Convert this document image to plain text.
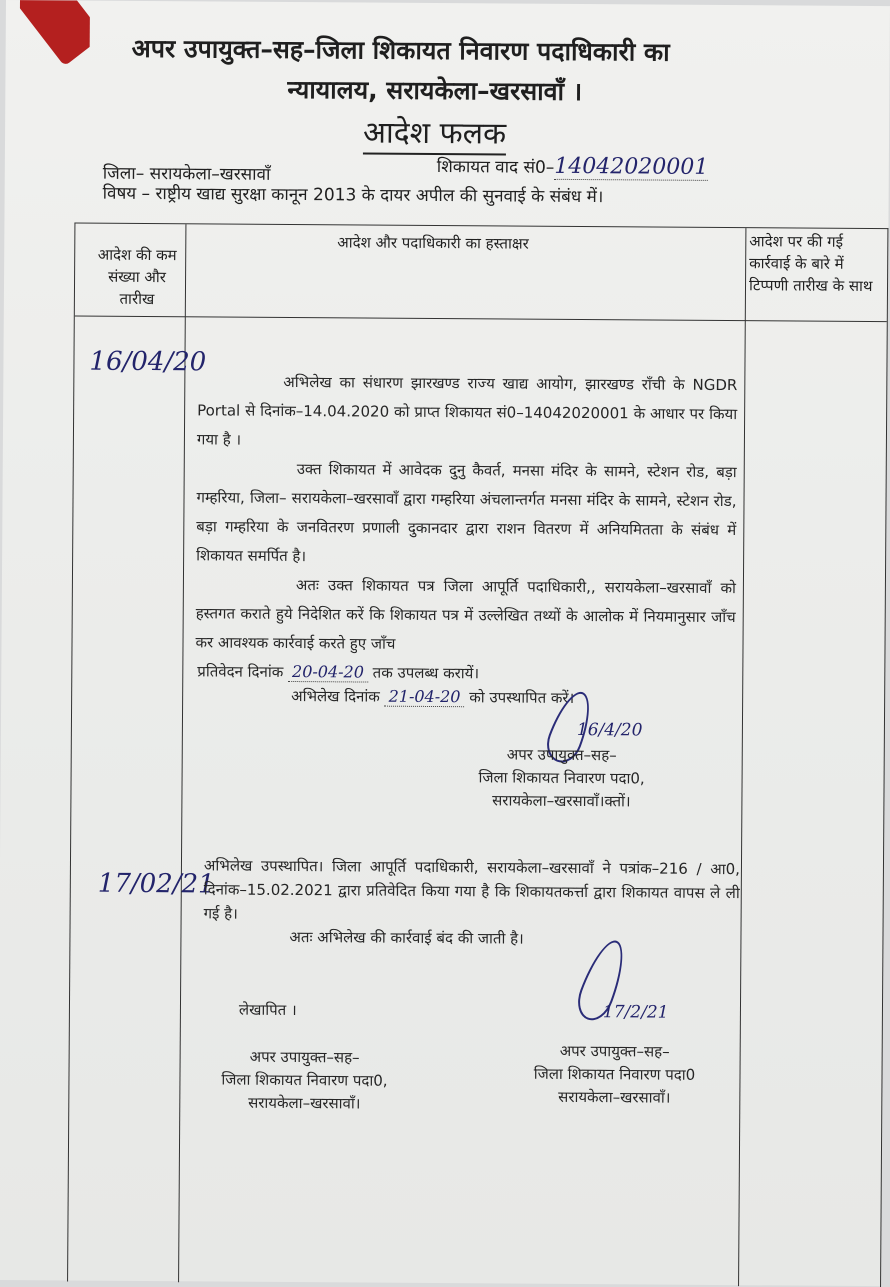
अपर उपायुक्त–सह–जिला शिकायत निवारण पदाधिकारी का
न्यायालय, सरायकेला–खरसावाँ ।
आदेश फलक
जिला– सरायकेला–खरसावाँ	शिकायत वाद सं0–14042020001
विषय – राष्ट्रीय खाद्य सुरक्षा कानून 2013 के दायर अपील की सुनवाई के संबंध में।
आदेश की कम संख्या और तारीख
आदेश और पदाधिकारी का हस्ताक्षर	आदेश पर की गई कार्रवाई के बारे में टिप्पणी तारीख के साथ
16/04/20

अभिलेख का संधारण झारखण्ड राज्य खाद्य आयोग, झारखण्ड राँची के NGDR Portal से दिनांक–14.04.2020 को प्राप्त शिकायत सं0–14042020001 के आधार पर किया गया है ।

उक्त शिकायत में आवेदक दुनु कैवर्त, मनसा मंदिर के सामने, स्टेशन रोड, बड़ा गम्हरिया, जिला– सरायकेला–खरसावाँ द्वारा गम्हरिया अंचलान्तर्गत मनसा मंदिर के सामने, स्टेशन रोड, बड़ा गम्हरिया के जनवितरण प्रणाली दुकानदार द्वारा राशन वितरण में अनियमितता के संबंध में शिकायत समर्पित है।

अतः उक्त शिकायत पत्र जिला आपूर्ति पदाधिकारी,, सरायकेला–खरसावाँ को हस्तगत कराते हुये निदेशित करें कि शिकायत पत्र में उल्लेखित तथ्यों के आलोक में नियमानुसार जाँच कर आवश्यक कार्रवाई करते हुए जाँच

प्रतिवेदन दिनांक 20-04-20 तक उपलब्ध करायें।
अभिलेख दिनांक 21-04-20 को उपस्थापित करें।
16/4/20
अपर उपायुक्त–सह–
जिला शिकायत निवारण पदा0,
सरायकेला–खरसावाँ।क्तों।
17/02/21
अभिलेख उपस्थापित। जिला आपूर्ति पदाधिकारी, सरायकेला–खरसावाँ ने पत्रांक–216 / आ0, दिनांक–15.02.2021 द्वारा प्रतिवेदित किया गया है कि शिकायतकर्त्ता द्वारा शिकायत वापस ले ली गई है।
अतः अभिलेख की कार्रवाई बंद की जाती है।
17/2/21
लेखापित ।
अपर उपायुक्त–सह–
जिला शिकायत निवारण पदा0,
सरायकेला–खरसावाँ।
अपर उपायुक्त–सह–
जिला शिकायत निवारण पदा0
सरायकेला–खरसावाँ।
